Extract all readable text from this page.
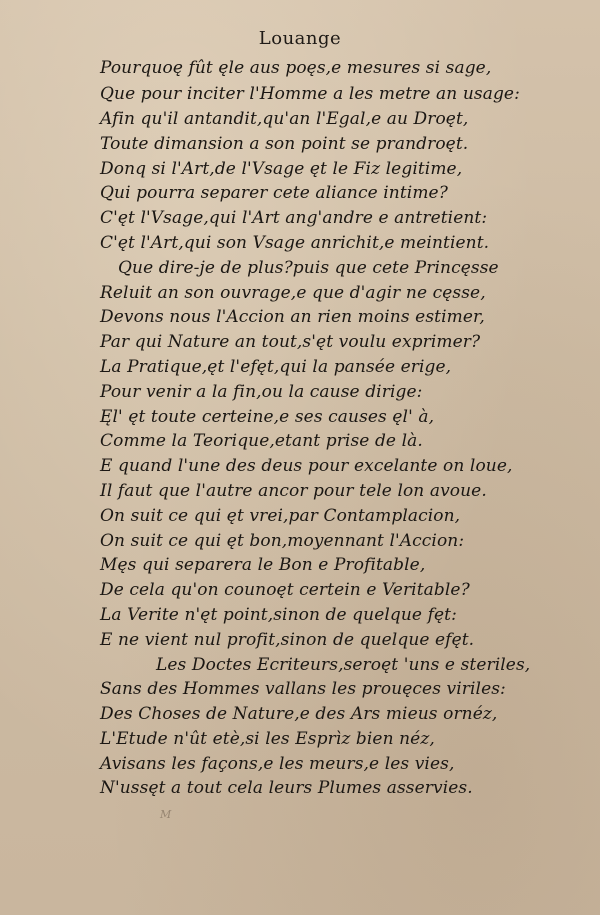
Louange
Pourquoę fût ęle aus poęs,e mesures si sage,
Que pour inciter l'Homme a les metre an usage:
Afin qu'il antandit,qu'an l'Egal,e au Droęt,
Toute dimansion a son point se prandroęt.
Donq si l'Art,de l'Vsage ęt le Fiz legitime,
Qui pourra separer cete aliance intime?
C'ęt l'Vsage,qui l'Art ang'andre e antretient:
C'ęt l'Art,qui son Vsage anrichit,e meintient.
Que dire-je de plus?puis que cete Princęsse
Reluit an son ouvrage,e que d'agir ne cęsse,
Devons nous l'Accion an rien moins estimer,
Par qui Nature an tout,s'ęt voulu exprimer?
La Pratique,ęt l'efęt,qui la pansée erige,
Pour venir a la fin,ou la cause dirige:
Ęl' ęt toute certeine,e ses causes ęl' à,
Comme la Teorique,etant prise de là.
E quand l'une des deus pour excelante on loue,
Il faut que l'autre ancor pour tele lon avoue.
On suit ce qui ęt vrei,par Contamplacion,
On suit ce qui ęt bon,moyennant l'Accion:
Męs qui separera le Bon e Profitable,
De cela qu'on counoęt certein e Veritable?
La Verite n'ęt point,sinon de quelque fęt:
E ne vient nul profit,sinon de quelque efęt.
Les Doctes Ecriteurs,seroęt 'uns e steriles,
Sans des Hommes vallans les prouęces viriles:
Des Choses de Nature,e des Ars mieus ornéz,
L'Etude n'ût etè,si les Esprìz bien néz,
Avisans les façons,e les meurs,e les vies,
N'ussęt a tout cela leurs Plumes asservies.
M
